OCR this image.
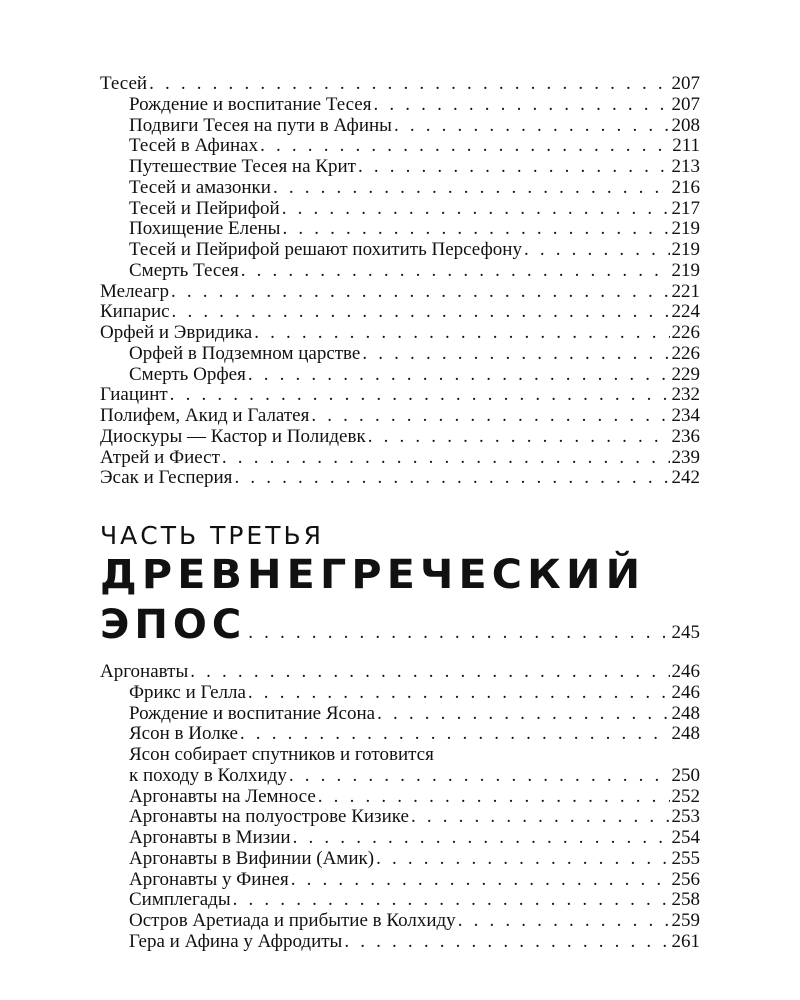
Тесей . . .	207
Рождение и воспитание Тесея . . .	207
Подвиги Тесея на пути в Афины . . .	208
Тесей в Афинах . . .	211
Путешествие Тесея на Крит . . .	213
Тесей и амазонки . . .	216
Тесей и Пейрифой . . .	217
Похищение Елены . . .	219
Тесей и Пейрифой решают похитить Персефону . . .	219
Смерть Тесея . . .	219
Мелеагр . . .	221
Кипарис . . .	224
Орфей и Эвридика . . .	226
Орфей в Подземном царстве . . .	226
Смерть Орфея . . .	229
Гиацинт . . .	232
Полифем, Акид и Галатея . . .	234
Диоскуры — Кастор и Полидевк . . .	236
Атрей и Фиест . . .	239
Эсак и Гесперия . . .	242
ЧАСТЬ ТРЕТЬЯ
ДРЕВНЕГРЕЧЕСКИЙ
ЭПОС . . .	245
Аргонавты . . .	246
Фрикс и Гелла . . .	246
Рождение и воспитание Ясона . . .	248
Ясон в Иолке . . .	248
Ясон собирает спутников и готовится
к походу в Колхиду . . .	250
Аргонавты на Лемносе . . .	252
Аргонавты на полуострове Кизике . . .	253
Аргонавты в Мизии . . .	254
Аргонавты в Вифинии (Амик) . . .	255
Аргонавты у Финея . . .	256
Симплегады . . .	258
Остров Аретиада и прибытие в Колхиду . . .	259
Гера и Афина у Афродиты . . .	261
